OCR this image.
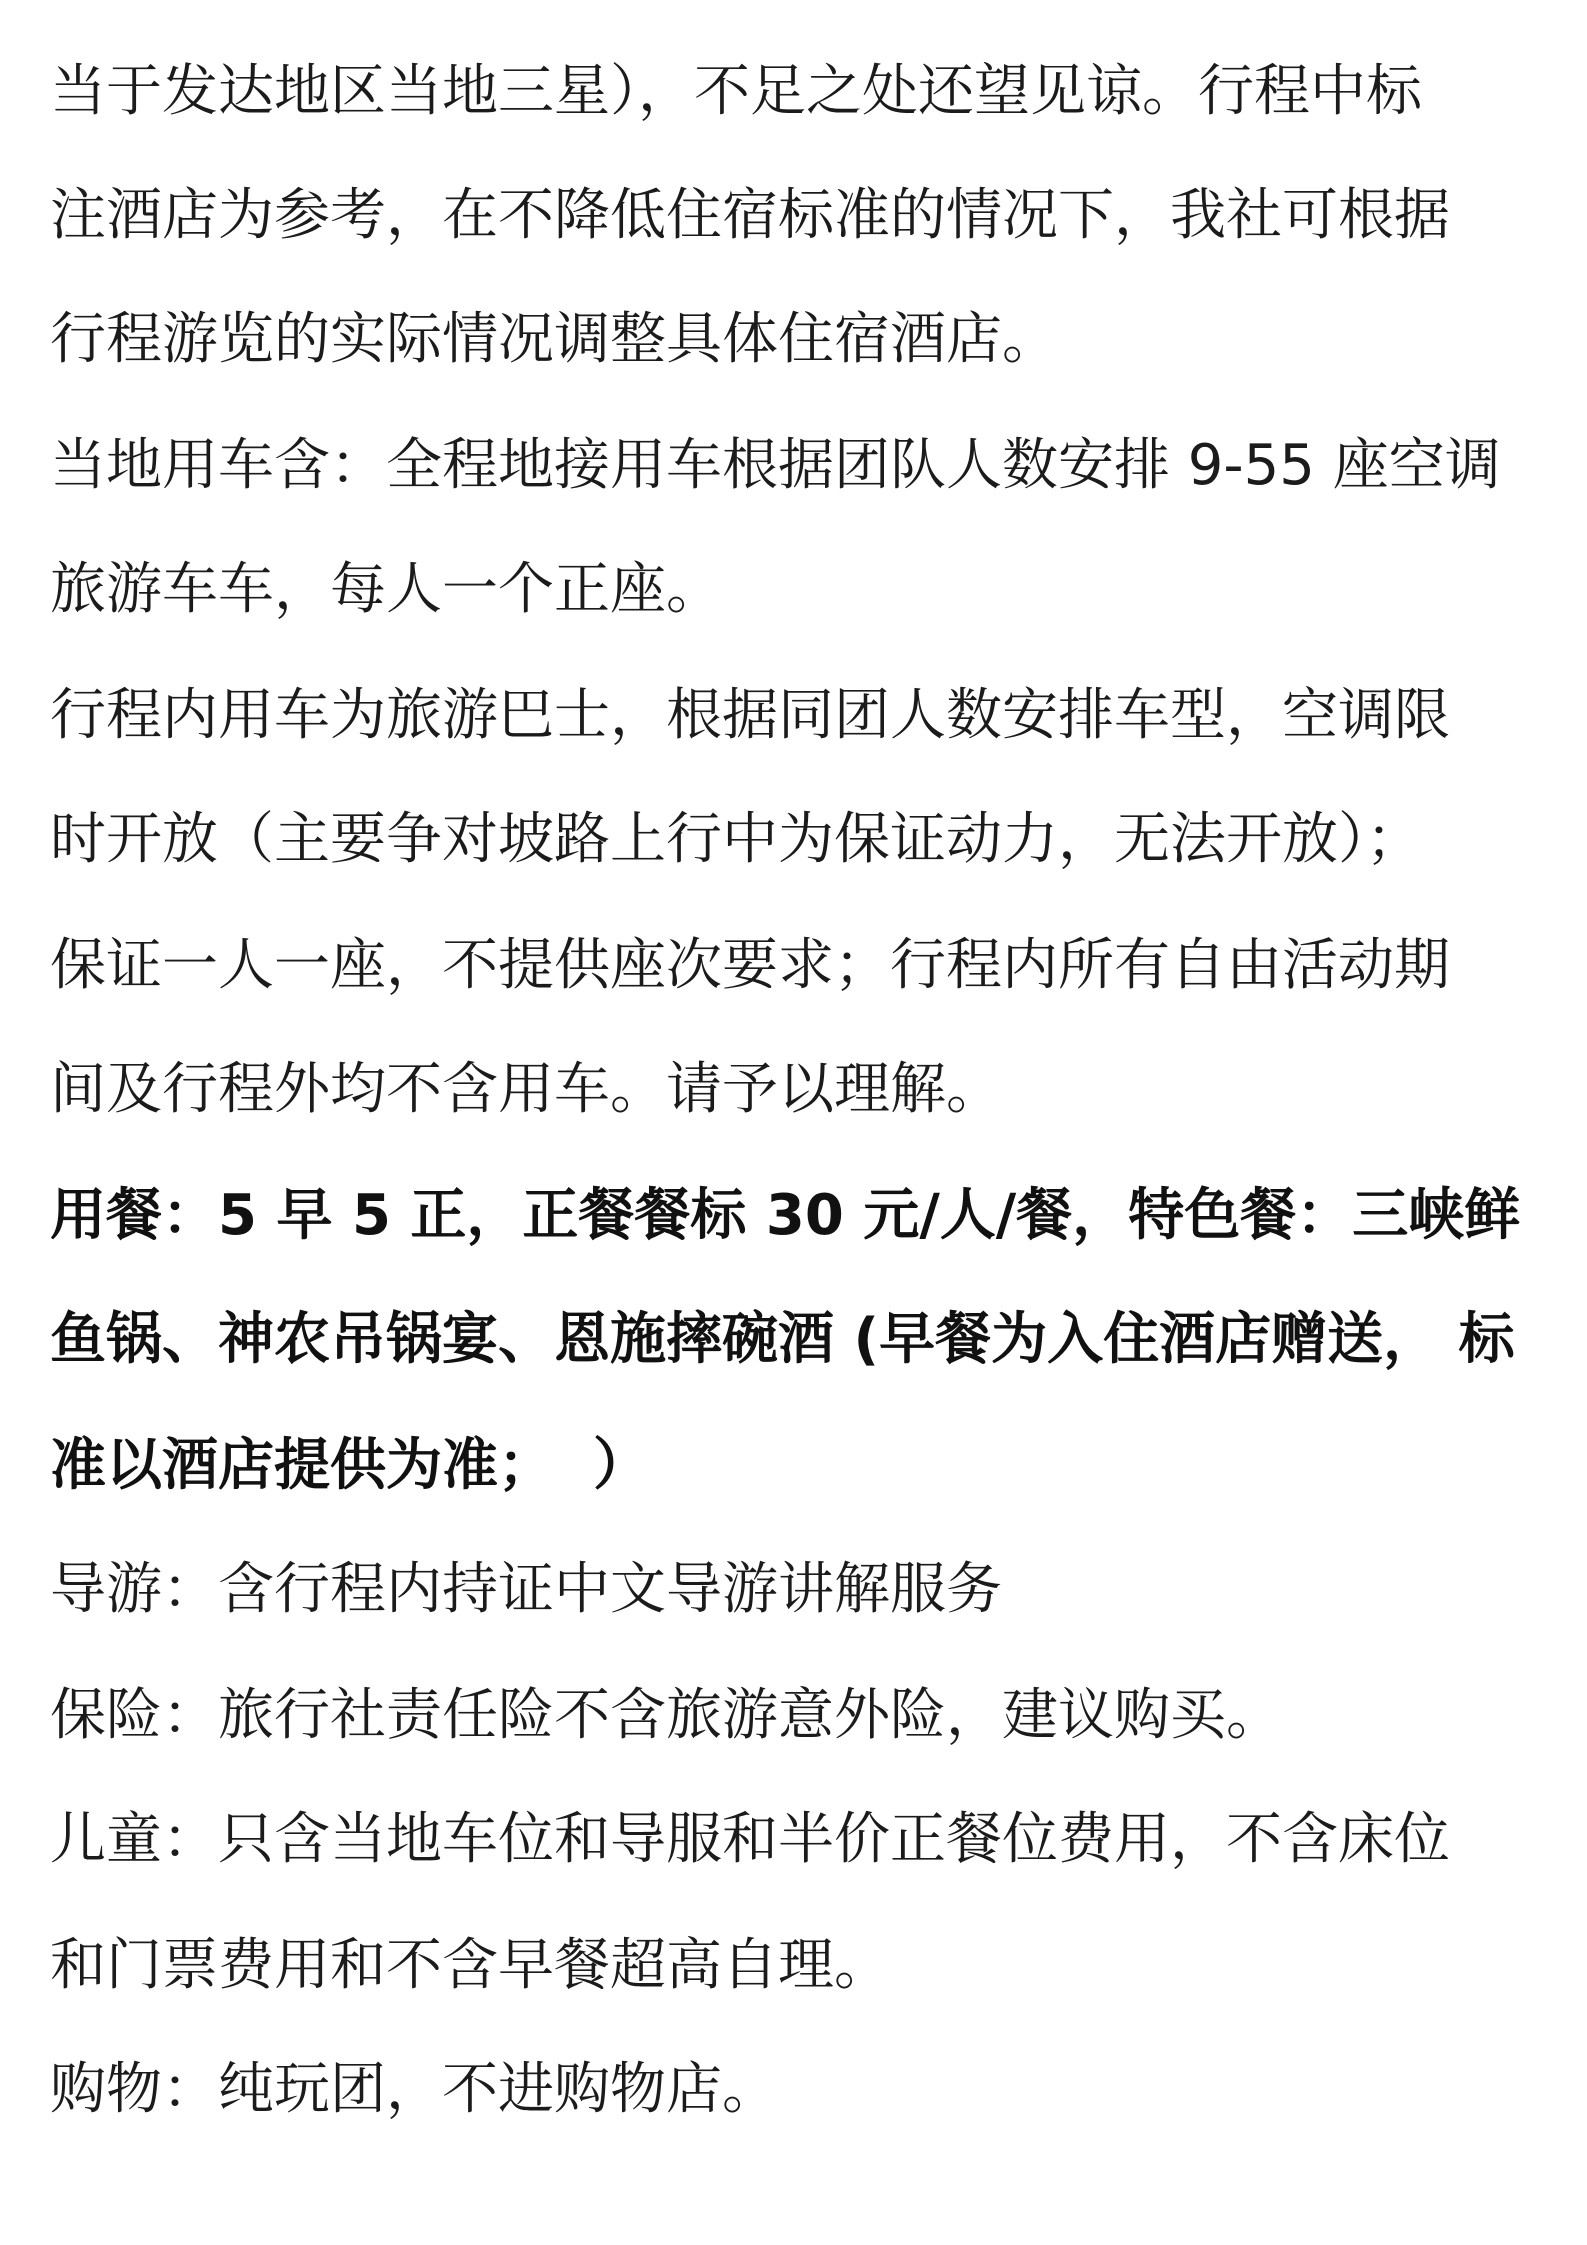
当于发达地区当地三星），不足之处还望见谅。行程中标
注酒店为参考，在不降低住宿标准的情况下，我社可根据
行程游览的实际情况调整具体住宿酒店。
当地用车含：全程地接用车根据团队人数安排 9-55 座空调
旅游车车，每人一个正座。
行程内用车为旅游巴士，根据同团人数安排车型，空调限
时开放（主要争对坡路上行中为保证动力，无法开放）；
保证一人一座，不提供座次要求；行程内所有自由活动期
间及行程外均不含用车。请予以理解。
用餐：5 早 5 正，正餐餐标 30 元/人/餐，特色餐：三峡鲜
鱼锅、神农吊锅宴、恩施摔碗酒 (早餐为入住酒店赠送， 标
准以酒店提供为准；  ）
导游：含行程内持证中文导游讲解服务
保险：旅行社责任险不含旅游意外险，建议购买。
儿童：只含当地车位和导服和半价正餐位费用，不含床位
和门票费用和不含早餐超高自理。
购物：纯玩团，不进购物店。
